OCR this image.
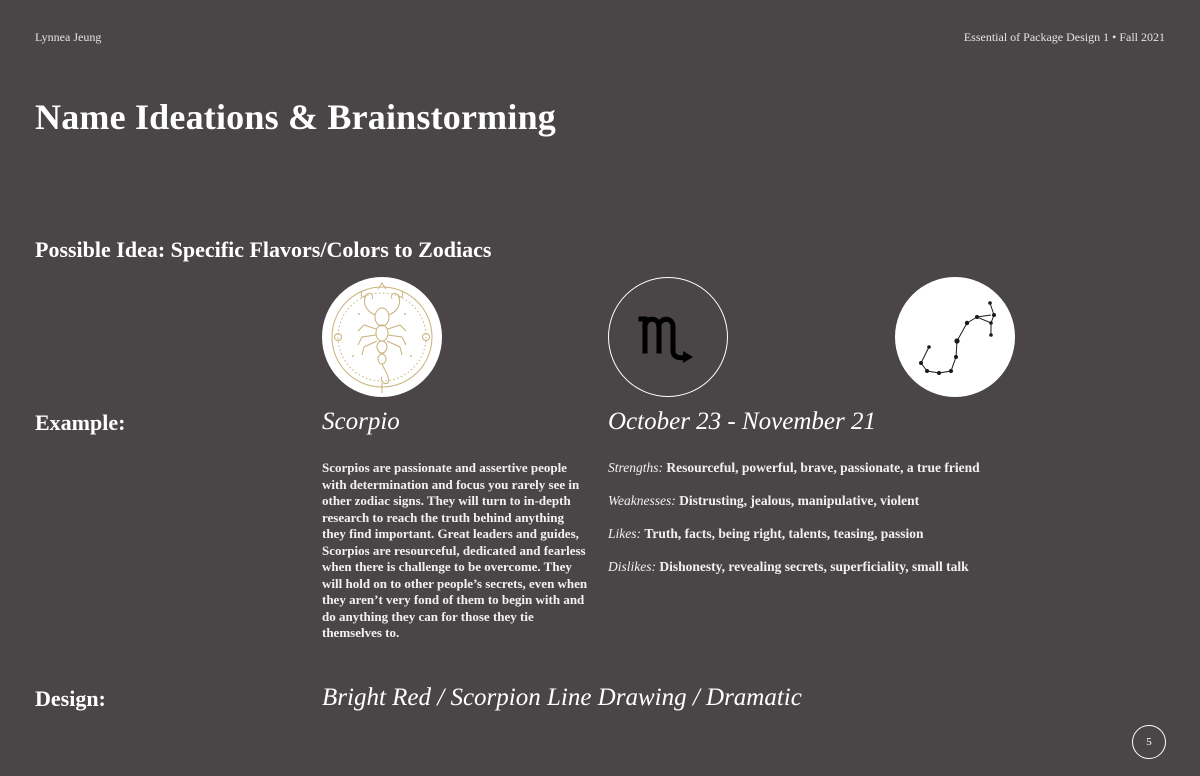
Lynnea Jeung	Essential of Package Design 1 • Fall 2021
Name Ideations & Brainstorming
Possible Idea: Specific Flavors/Colors to Zodiacs
Example:	Scorpio	October 23 - November 21
Scorpios are passionate and assertive people with determination and focus you rarely see in other zodiac signs. They will turn to in-depth research to reach the truth behind anything they find important. Great leaders and guides, Scorpios are resourceful, dedicated and fearless when there is challenge to be overcome. They will hold on to other people’s secrets, even when they aren’t very fond of them to begin with and do anything they can for those they tie themselves to.
Strengths: Resourceful, powerful, brave, passionate, a true friend
Weaknesses: Distrusting, jealous, manipulative, violent
Likes: Truth, facts, being right, talents, teasing, passion
Dislikes: Dishonesty, revealing secrets, superficiality, small talk
Design:	Bright Red / Scorpion Line Drawing / Dramatic
5
